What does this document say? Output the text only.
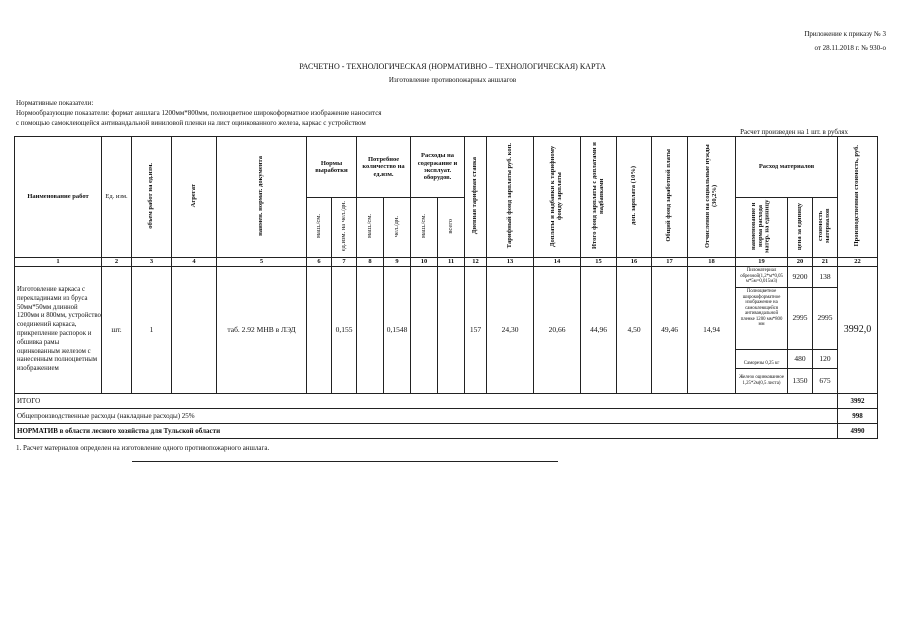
Приложение к приказу № 3
от 28.11.2018 г. № 930-о
РАСЧЕТНО - ТЕХНОЛОГИЧЕСКАЯ (НОРМАТИВНО – ТЕХНОЛОГИЧЕСКАЯ) КАРТА
Изготовление противопожарных аншлагов
Нормативные показатели:
Нормообразующие показатели: формат аншлага 1200мм*800мм, полноцветное широкоформатное изображение наносится
с помощью самоклеющейся антивандальной виниловой пленки на лист оцинкованного железа, каркас с устройством
Расчет произведен на 1 шт. в рублях
Наименование работ	Ед. изм.	объем работ на ед.изм.	Агрегат	наимен. нормат. документа	Нормы выработки		Потребное количество на ед.изм.		Расходы на содержание и эксплуат. оборудов.		Дневная тарифная ставка	Тарифный фонд зарплаты руб. коп.	Доплаты и надбавки к тарифному фонду зарплаты	Итого фонд зарплаты с доплатами и надбавками	доп. зарплата (10%)	Общий фонд заработной платы	Отчисления на социальные нужды (30,2%)	Расход материалов			Производственная стоимость, руб.
					маш./см.	ед.изм. на чел./дн.	маш./см.	чел./дн.	маш./см.	всего								наименование и норма расхода матер. на единицу	цена за единицу	стоимость материалов	
1	2	3	4	5	6	7	8	9	10	11	12	13	14	15	16	17	18	19	20	21	22
Изготовление каркаса с перекладинами из бруса 50мм*50мм длинной 1200мм и 800мм, устройство соединений каркаса, прикрепление распорок и обшивка рамы оцинкованным железом с нанесенным полноцветным изображением	шт.	1		таб. 2.92 МНВ в ЛЭД		0,155		0,1548			157	24,30	20,66	44,96	4,50	49,46	14,94	Пиломатериал обрезной(1,2*м*0,05 м*5м=0,015м3)	9200	138	3992,0
																		Полноцветное широкоформатное изображение на самоклеющейся антивандальной пленке 1200 мм*800 мм	2995	2995	
																		Саморезы 0,25 кг	480	120	
																		Железо оцинкованное 1,25*2м(0,5 листа)	1350	675	
ИТОГО																					3992
Общепроизводственные расходы (накладные расходы) 25%																					998
НОРМАТИВ в области лесного хозяйства для Тульской области																					4990
1. Расчет материалов определен на изготовление одного противопожарного аншлага.
